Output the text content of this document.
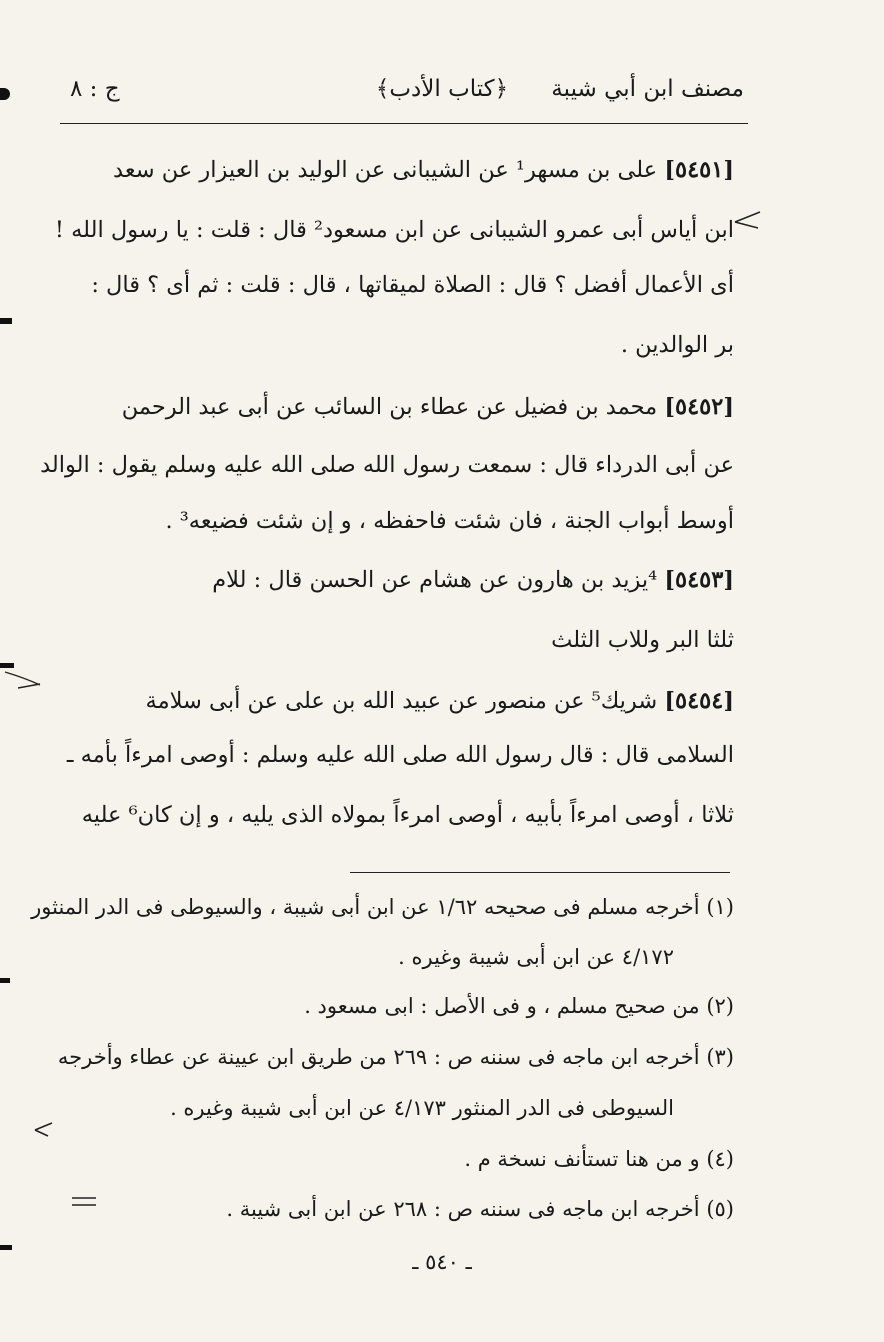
مصنف ابن أبي شيبة
﴿كتاب الأدب﴾
ج : ٨
[٥٤٥١] على بن مسهر¹ عن الشيبانى عن الوليد بن العيزار عن سعد
ابن أياس أبى عمرو الشيبانى عن ابن مسعود² قال : قلت : يا رسول الله !
أى الأعمال أفضل ؟ قال : الصلاة لميقاتها ، قال : قلت : ثم أى ؟ قال :
بر الوالدين .
[٥٤٥٢] محمد بن فضيل عن عطاء بن السائب عن أبى عبد الرحمن
عن أبى الدرداء قال : سمعت رسول الله صلى الله عليه وسلم يقول : الوالد
أوسط أبواب الجنة ، فان شئت فاحفظه ، و إن شئت فضيعه³ .
[٥٤٥٣] ⁴يزيد بن هارون عن هشام عن الحسن قال : للام
ثلثا البر وللاب الثلث
[٥٤٥٤] شريك⁵ عن منصور عن عبيد الله بن على عن أبى سلامة
السلامى قال : قال رسول الله صلى الله عليه وسلم : أوصى امرءاً بأمه ـ
ثلاثا ، أوصى امرءاً بأبيه ، أوصى امرءاً بمولاه الذى يليه ، و إن كان⁶ عليه
(١) أخرجه مسلم فى صحيحه ١/٦٢ عن ابن أبى شيبة ، والسيوطى فى الدر المنثور
٤/١٧٢ عن ابن أبى شيبة وغيره .
(٢) من صحيح مسلم ، و فى الأصل : ابى مسعود .
(٣) أخرجه ابن ماجه فى سننه ص : ٢٦٩ من طريق ابن عيينة عن عطاء وأخرجه
السيوطى فى الدر المنثور ٤/١٧٣ عن ابن أبى شيبة وغيره .
(٤) و من هنا تستأنف نسخة م .
(٥) أخرجه ابن ماجه فى سننه ص : ٢٦٨ عن ابن أبى شيبة .
ـ ٥٤٠ ـ
